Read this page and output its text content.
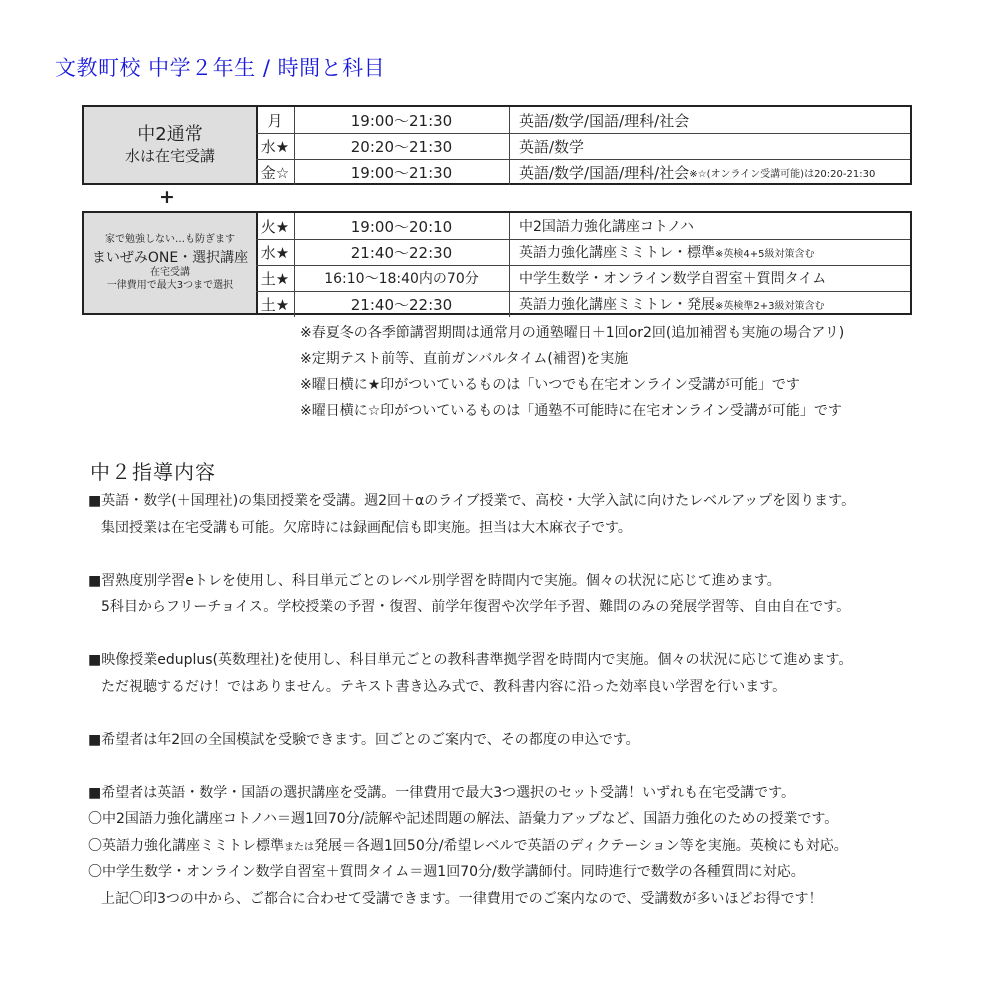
文教町校 中学２年生 / 時間と科目
中2通常
水は在宅受講
月	19:00～21:30	英語/数学/国語/理科/社会
水★	20:20～21:30	英語/数学
金☆	19:00～21:30	英語/数学/国語/理科/社会 ※☆(オンライン受講可能)は20:20-21:30
+
家で勉強しない…も防ぎます
まいぜみONE・選択講座
在宅受講
一律費用で最大3つまで選択
火★	19:00～20:10	中2国語力強化講座コトノハ
水★	21:40～22:30	英語力強化講座ミミトレ・標準 ※英検4+5級対策含む
土★	16:10～18:40内の70分	中学生数学・オンライン数学自習室＋質問タイム
土★	21:40～22:30	英語力強化講座ミミトレ・発展 ※英検準2+3級対策含む
※春夏冬の各季節講習期間は通常月の通塾曜日＋1回or2回(追加補習も実施の場合アリ)
※定期テスト前等、直前ガンバルタイム(補習)を実施
※曜日横に★印がついているものは「いつでも在宅オンライン受講が可能」です
※曜日横に☆印がついているものは「通塾不可能時に在宅オンライン受講が可能」です
中２指導内容
■英語・数学(＋国理社)の集団授業を受講。週2回＋αのライブ授業で、高校・大学入試に向けたレベルアップを図ります。
集団授業は在宅受講も可能。欠席時には録画配信も即実施。担当は大木麻衣子です。
■習熟度別学習eトレを使用し、科目単元ごとのレベル別学習を時間内で実施。個々の状況に応じて進めます。
5科目からフリーチョイス。学校授業の予習・復習、前学年復習や次学年予習、難問のみの発展学習等、自由自在です。
■映像授業eduplus(英数理社)を使用し、科目単元ごとの教科書準拠学習を時間内で実施。個々の状況に応じて進めます。
ただ視聴するだけ！ではありません。テキスト書き込み式で、教科書内容に沿った効率良い学習を行います。
■希望者は年2回の全国模試を受験できます。回ごとのご案内で、その都度の申込です。
■希望者は英語・数学・国語の選択講座を受講。一律費用で最大3つ選択のセット受講！いずれも在宅受講です。
〇中2国語力強化講座コトノハ＝週1回70分/読解や記述問題の解法、語彙力アップなど、国語力強化のための授業です。
〇英語力強化講座ミミトレ標準または発展＝各週1回50分/希望レベルで英語のディクテーション等を実施。英検にも対応。
〇中学生数学・オンライン数学自習室＋質問タイム＝週1回70分/数学講師付。同時進行で数学の各種質問に対応。
上記〇印3つの中から、ご都合に合わせて受講できます。一律費用でのご案内なので、受講数が多いほどお得です！
